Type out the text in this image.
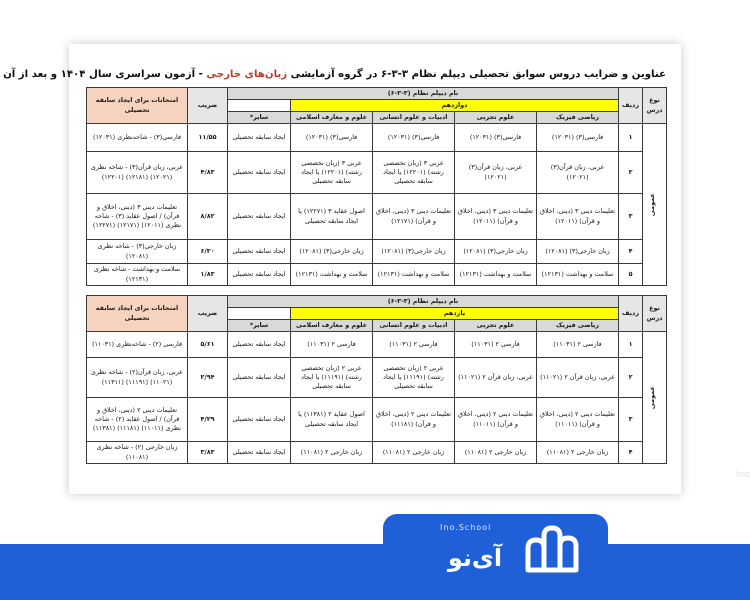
عناوین و ضرایب دروس سوابق تحصیلی دیپلم نظام ۳-۳-۶ در گروه آزمایشی زبان‌های خارجی - آزمون سراسری سال ۱۴۰۴ و بعد از آن
نوع درس	ردیف	نام دیپلم نظام (۳-۳-۶)					ضریب	امتحانات برای ایجاد سابقه تحصیلی
		دوازدهم						
		ریاضی فیزیک	علوم تجربی	ادبیات و علوم انسانی	علوم و معارف اسلامی	سایر*		
عمومی	۱	فارسی(۳) (۱۲۰۳۱)	فارسی(۳) (۱۲۰۳۱)	فارسی(۳) (۱۲۰۳۱)	فارسی(۳) (۱۲۰۳۱)	ایجاد سابقه تحصیلی	۱۱/۵۵	فارسی(۳) - شاخه‌نظری (۱۲۰۳۱)
	۲	عربی، زبان قرآن(۳) (۱۲۰۲۱)	عربی، زبان قرآن(۳) (۱۲۰۲۱)	عربی ۳ (زبان تخصصی رشته) (۱۲۲۰۱) یا ایجاد سابقه تحصیلی	عربی ۳ (زبان تخصصی رشته) (۱۲۲۰۱) یا ایجاد سابقه تحصیلی	ایجاد سابقه تحصیلی	۴/۸۳	عربی، زبان قرآن(۳) - شاخه نظری (۱۲۰۲۱) (۱۲۱۸۱) (۱۲۲۰۱)
	۳	تعلیمات دینی ۳ (دینی، اخلاق و قرآن) (۱۲۰۱۱)	تعلیمات دینی ۳ (دینی، اخلاق و قرآن) (۱۲۰۱۱)	تعلیمات دینی ۳ (دینی، اخلاق و قرآن) (۱۲۱۷۱)	اصول عقاید ۳ (۱۲۲۷۱) یا ایجاد سابقه تحصیلی	ایجاد سابقه تحصیلی	۸/۸۲	تعلیمات دینی ۳ (دینی، اخلاق و قرآن) / اصول عقاید (۳) - شاخه نظری (۱۲۰۱۱) (۱۲۱۷۱) (۱۲۲۷۱)
	۴	زبان خارجی(۳) (۱۲۰۸۱)	زبان خارجی(۳) (۱۲۰۸۱)	زبان خارجی(۳) (۱۲۰۸۱)	زبان خارجی(۳) (۱۲۰۸۱)	ایجاد سابقه تحصیلی	۶/۳۰	زبان خارجی(۳) - شاخه نظری (۱۲۰۸۱)
	۵	سلامت و بهداشت (۱۲۱۳۱)	سلامت و بهداشت (۱۲۱۳۱)	سلامت و بهداشت (۱۲۱۳۱)	سلامت و بهداشت (۱۲۱۳۱)	ایجاد سابقه تحصیلی	۱/۸۳	سلامت و بهداشت - شاخه نظری (۱۲۱۳۱)
نوع درس	ردیف	نام دیپلم نظام (۳-۳-۶)					ضریب	امتحانات برای ایجاد سابقه تحصیلی
		یازدهم						
		ریاضی فیزیک	علوم تجربی	ادبیات و علوم انسانی	علوم و معارف اسلامی	سایر*		
عمومی	۱	فارسی ۲ (۱۱۰۳۱)	فارسی ۲ (۱۱۰۳۱)	فارسی ۲ (۱۱۰۳۱)	فارسی ۲ (۱۱۰۳۱)	ایجاد سابقه تحصیلی	۵/۶۱	فارسی (۲) - شاخه‌نظری (۱۱۰۳۱)
	۲	عربی، زبان قرآن ۲ (۱۱۰۲۱)	عربی، زبان قرآن ۲ (۱۱۰۲۱)	عربی ۲ (زبان تخصصی رشته) (۱۱۱۹۱) یا ایجاد سابقه تحصیلی	عربی ۲ (زبان تخصصی رشته) (۱۱۱۹۱) یا ایجاد سابقه تحصیلی	ایجاد سابقه تحصیلی	۲/۹۴	عربی، زبان قرآن(۲) - شاخه نظری (۱۱۰۲۱) (۱۱۱۹۱) (۱۱۳۱۱)
	۳	تعلیمات دینی ۲ (دینی، اخلاق و قرآن) (۱۱۰۱۱)	تعلیمات دینی ۲ (دینی، اخلاق و قرآن) (۱۱۰۱۱)	تعلیمات دینی ۲ (دینی، اخلاق و قرآن) (۱۱۱۸۱)	اصول عقاید ۲ (۱۱۳۸۱) یا ایجاد سابقه تحصیلی	ایجاد سابقه تحصیلی	۴/۲۹	تعلیمات دینی ۲ (دینی، اخلاق و قرآن) / اصول عقاید (۲) - شاخه نظری (۱۱۰۱۱) (۱۱۱۸۱) (۱۱۳۸۱)
	۴	زبان خارجی ۲ (۱۱۰۸۱)	زبان خارجی ۲ (۱۱۰۸۱)	زبان خارجی ۲ (۱۱۰۸۱)	زبان خارجی ۲ (۱۱۰۸۱)	ایجاد سابقه تحصیلی	۳/۸۳	زبان خارجی (۲) - شاخه نظری (۱۱۰۸۱)
Ino
Ino.School
آی‌نو
